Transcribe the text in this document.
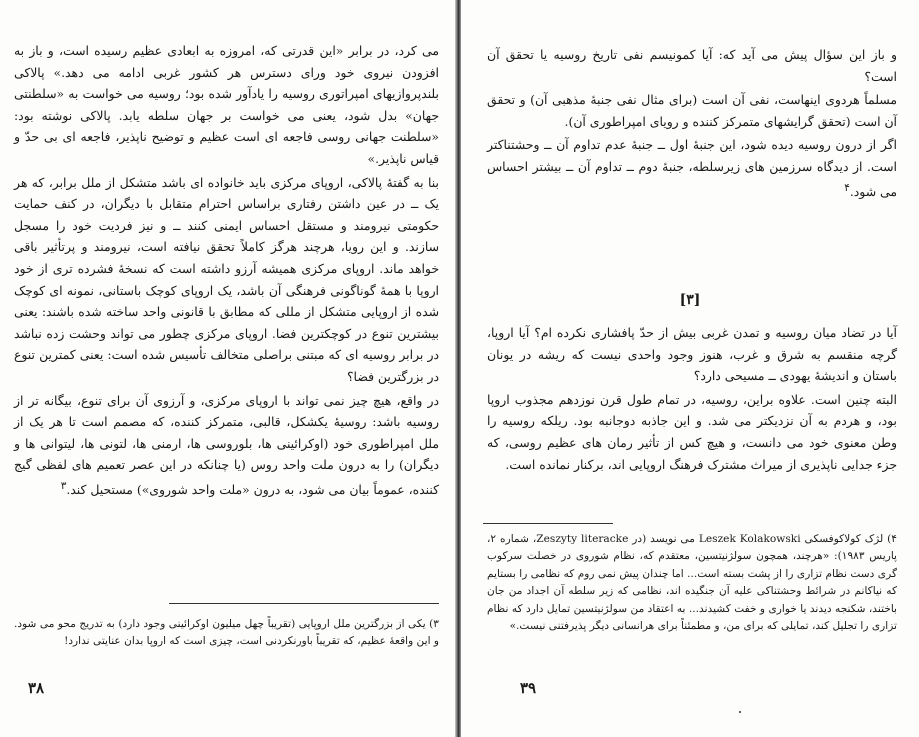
می کرد، در برابر «این قدرتی که، امروزه به ابعادی عظیم رسیده است، و باز به افزودن نیروی خود ورای دسترس هر کشور غربی ادامه می دهد.» پالاکی بلندپروازیهای امپراتوری روسیه را یادآور شده بود؛ روسیه می خواست به «سلطنتی جهان» بدل شود، یعنی می خواست بر جهان سلطه یابد. پالاکی نوشته بود: «سلطنت جهانی روسی فاجعه ای است عظیم و توضیح ناپذیر، فاجعه ای بی حدّ و قیاس ناپذیر.»

بنا به گفتهٔ پالاکی، اروپای مرکزی باید خانواده ای باشد متشکل از ملل برابر، که هر یک ــ در عین داشتن رفتاری براساس احترام متقابل با دیگران، در کنف حمایت حکومتی نیرومند و مستقل احساس ایمنی کنند ــ و نیز فردیت خود را مسجل سازند. و این رویا، هرچند هرگز کاملاً تحقق نیافته است، نیرومند و پرتأثیر باقی خواهد ماند. اروپای مرکزی همیشه آرزو داشته است که نسخهٔ فشرده تری از خود اروپا با همهٔ گوناگونی فرهنگی آن باشد، یک اروپای کوچک باستانی، نمونه ای کوچک شده از اروپایی متشکل از مللی که مطابق با قانونی واحد ساخته شده باشند: یعنی بیشترین تنوع در کوچکترین فضا. اروپای مرکزی چطور می تواند وحشت زده نباشد در برابر روسیه ای که مبتنی براصلی متخالف تأسیس شده است: یعنی کمترین تنوع در بزرگترین فضا؟

در واقع، هیچ چیز نمی تواند با اروپای مرکزی، و آرزوی آن برای تنوع، بیگانه تر از روسیه باشد: روسیهٔ یکشکل، قالبی، متمرکز کننده، که مصمم است تا هر یک از ملل امپراطوری خود (اوکرائینی ها، بلوروسی ها، ارمنی ها، لتونی ها، لیتوانی ها و دیگران) را به درون ملت واحد روس (یا چنانکه در این عصر تعمیم های لفظی گیج کننده، عموماً بیان می شود، به درون «ملت واحد شوروی») مستحیل کند.$^۳$

۳) یکی از بزرگترین ملل اروپایی (تقریباً چهل میلیون اوکرائینی وجود دارد) به تدریج محو می شود. و این واقعهٔ عظیم، که تقریباً باورنکردنی است، چیزی است که اروپا بدان عنایتی ندارد!

۳۸

و باز این سؤال پیش می آید که: آیا کمونیسم نفی تاریخ روسیه یا تحقق آن است؟

مسلماً هردوی اینهاست، نفی آن است (برای مثال نفی جنبهٔ مذهبی آن) و تحقق آن است (تحقق گرایشهای متمرکز کننده و رویای امپراطوری آن).

اگر از درون روسیه دیده شود، این جنبهٔ اول ــ جنبهٔ عدم تداوم آن ــ وحشتناکتر است. از دیدگاه سرزمین های زیرسلطه، جنبهٔ دوم ــ تداوم آن ــ بیشتر احساس می شود.$^۴$

[۳]

آیا در تضاد میان روسیه و تمدن غربی بیش از حدّ پافشاری نکرده ام؟ آیا اروپا، گرچه منقسم به شرق و غرب، هنوز وجود واحدی نیست که ریشه در یونان باستان و اندیشهٔ یهودی ــ مسیحی دارد؟

البته چنین است. علاوه براین، روسیه، در تمام طول قرن نوزدهم مجذوب اروپا بود، و هردم به آن نزدیکتر می شد. و این جاذبه دوجانبه بود. ریلکه روسیه را وطن معنوی خود می دانست، و هیچ کس از تأثیر رمان های عظیم روسی، که جزء جدایی ناپذیری از میراث مشترک فرهنگ اروپایی اند، برکنار نمانده است.

۴) لژک کولاکوفسکی Leszek Kolakowski می نویسد (در Zeszyty literacke، شماره ۲، پاریس ۱۹۸۳): «هرچند، همچون سولژنیتسین، معتقدم که، نظام شوروی در خصلت سرکوب گری دست نظام تزاری را از پشت بسته است... اما چندان پیش نمی روم که نظامی را بستایم که نیاکانم در شرائط وحشتناکی علیه آن جنگیده اند، نظامی که زیر سلطه آن اجداد من جان باختند، شکنجه دیدند یا خواری و خفت کشیدند... به اعتقاد من سولژنیتسین تمایل دارد که نظام تزاری را تجلیل کند، تمایلی که برای من، و مطمئناً برای هرانسانی دیگر پذیرفتنی نیست.»

۳۹
